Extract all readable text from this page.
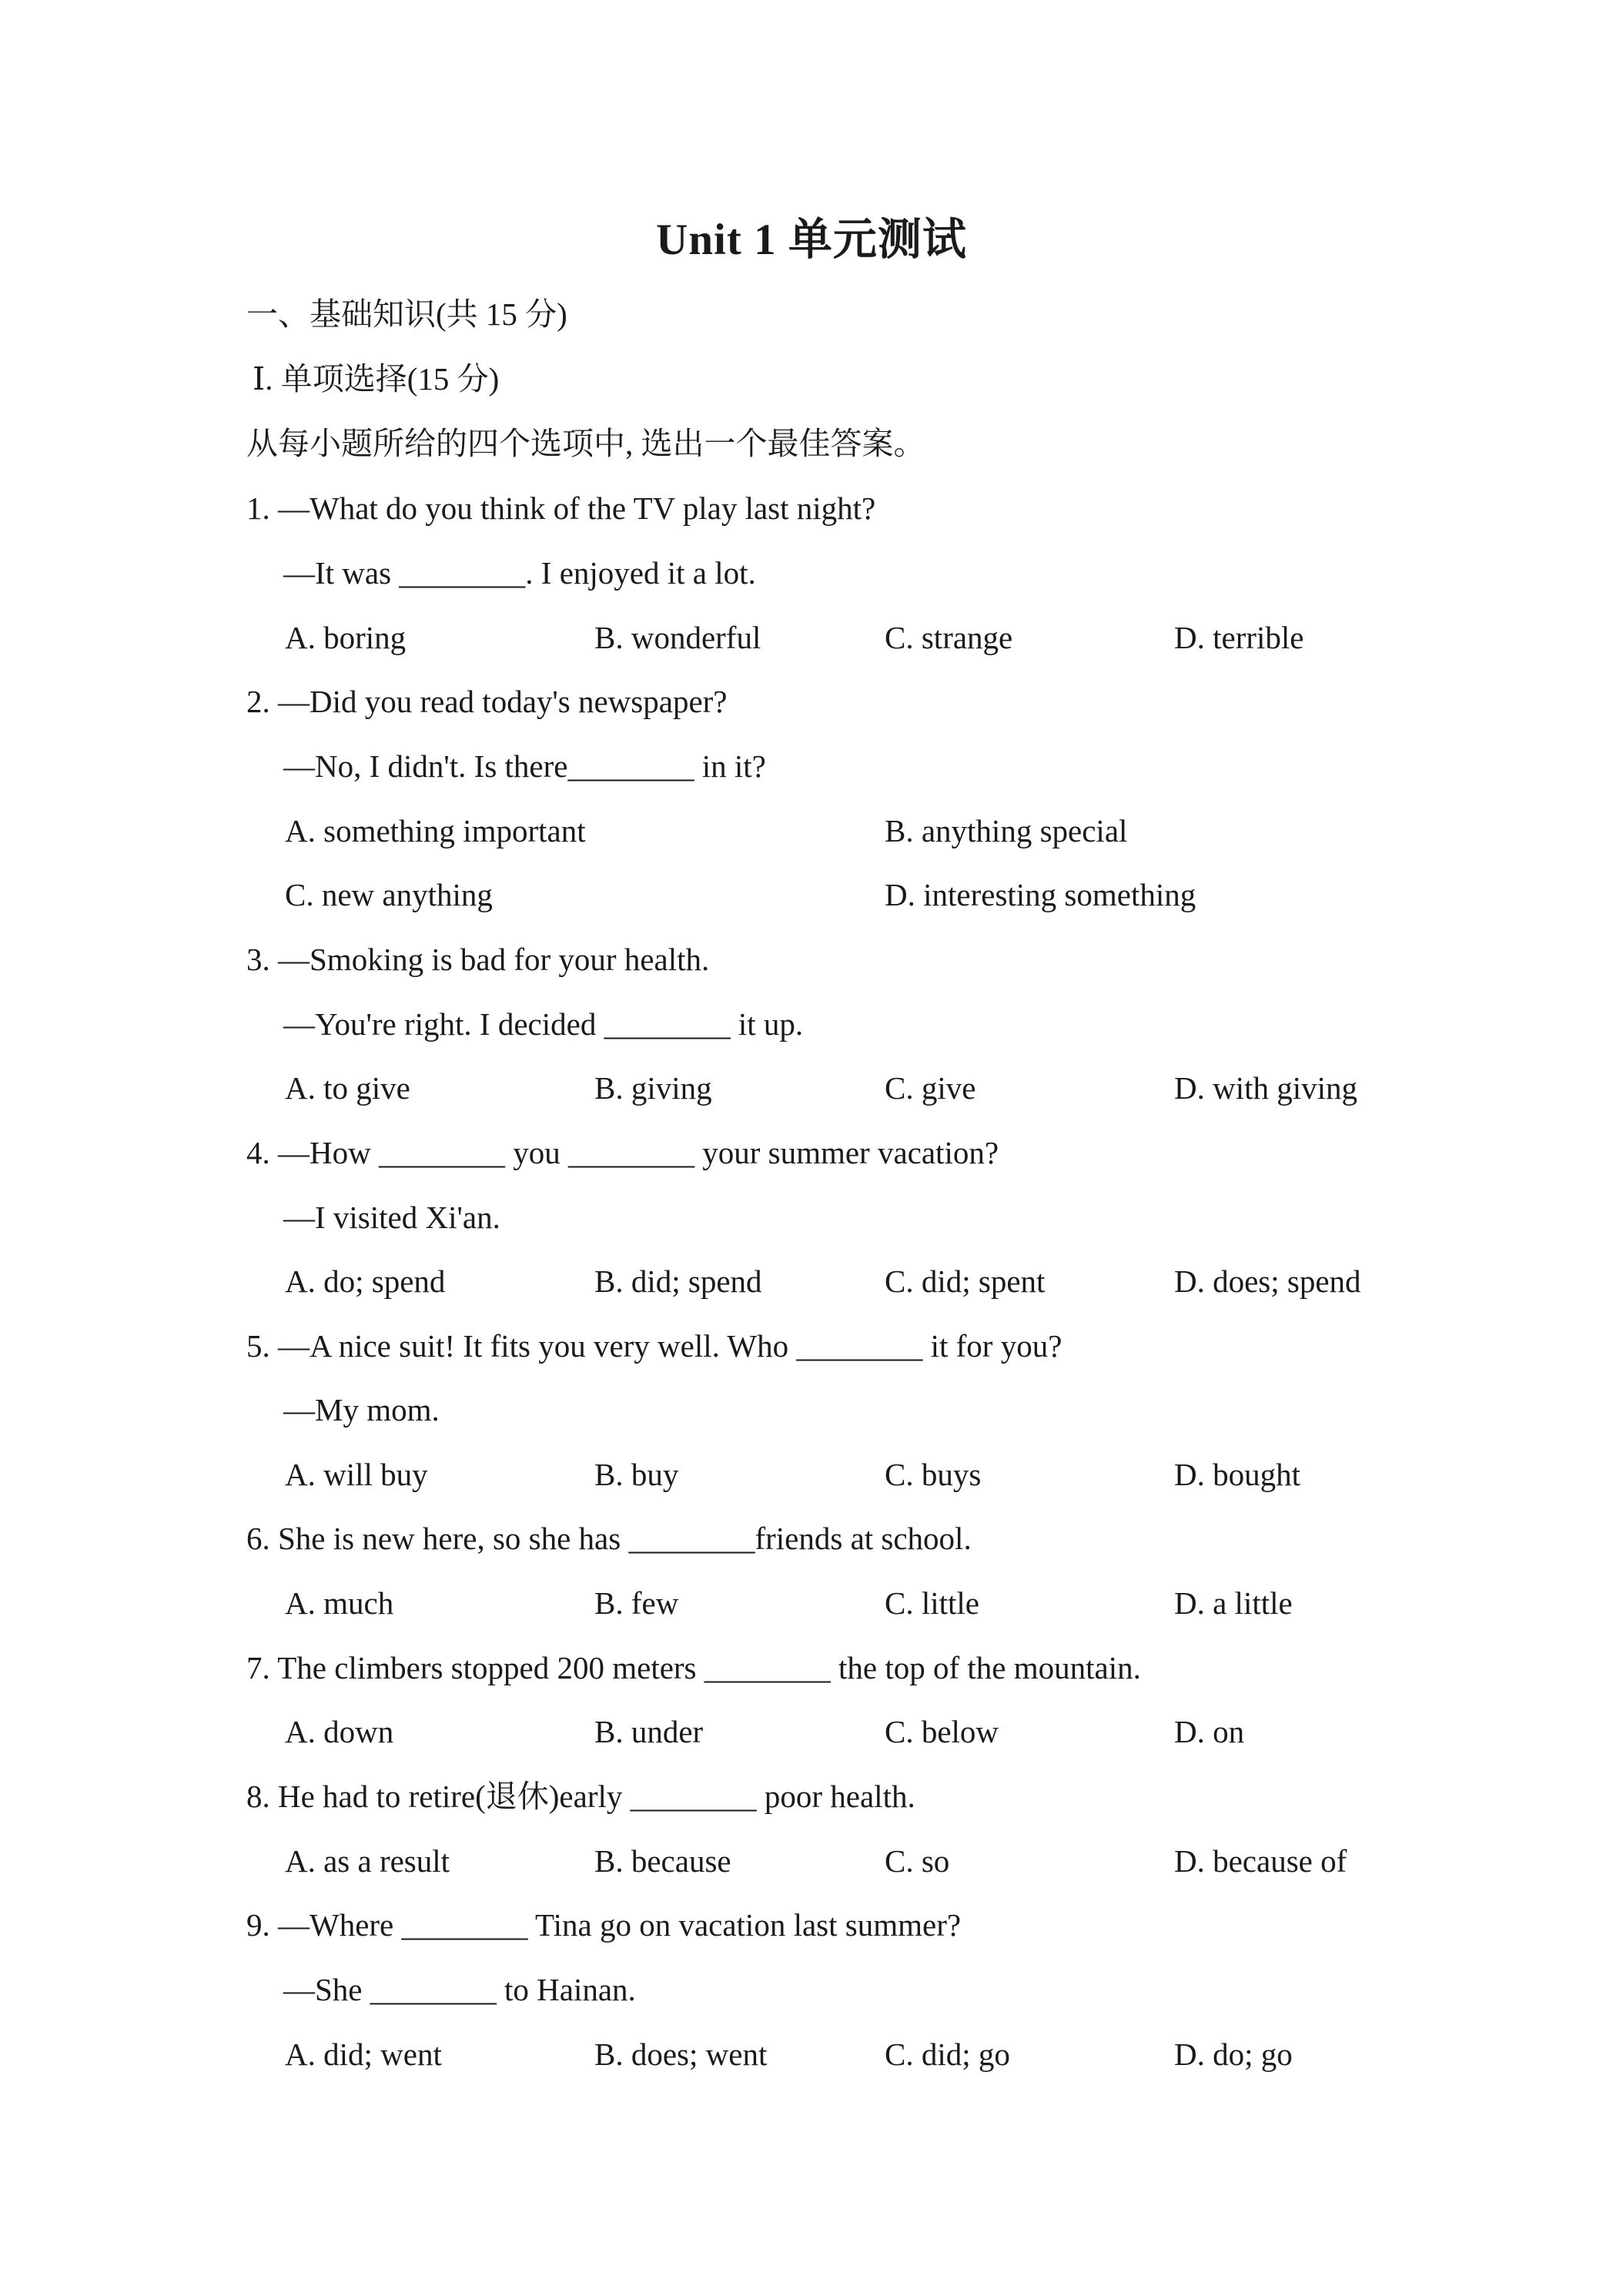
Unit 1 单元测试
一、基础知识(共 15 分)
Ⅰ. 单项选择(15 分)
从每小题所给的四个选项中, 选出一个最佳答案。
1. —What do you think of the TV play last night?
—It was ________. I enjoyed it a lot.
A. boring	B. wonderful	C. strange	D. terrible
2. —Did you read today's newspaper?
—No, I didn't. Is there________ in it?
A. something important	B. anything special
C. new anything	D. interesting something
3. —Smoking is bad for your health.
—You're right. I decided ________ it up.
A. to give	B. giving	C. give	D. with giving
4. —How ________ you ________ your summer vacation?
—I visited Xi'an.
A. do; spend	B. did; spend	C. did; spent	D. does; spend
5. —A nice suit! It fits you very well. Who ________ it for you?
—My mom.
A. will buy	B. buy	C. buys	D. bought
6. She is new here, so she has ________friends at school.
A. much	B. few	C. little	D. a little
7. The climbers stopped 200 meters ________ the top of the mountain.
A. down	B. under	C. below	D. on
8. He had to retire(退休)early ________ poor health.
A. as a result	B. because	C. so	D. because of
9. —Where ________ Tina go on vacation last summer?
—She ________ to Hainan.
A. did; went	B. does; went	C. did; go	D. do; go
